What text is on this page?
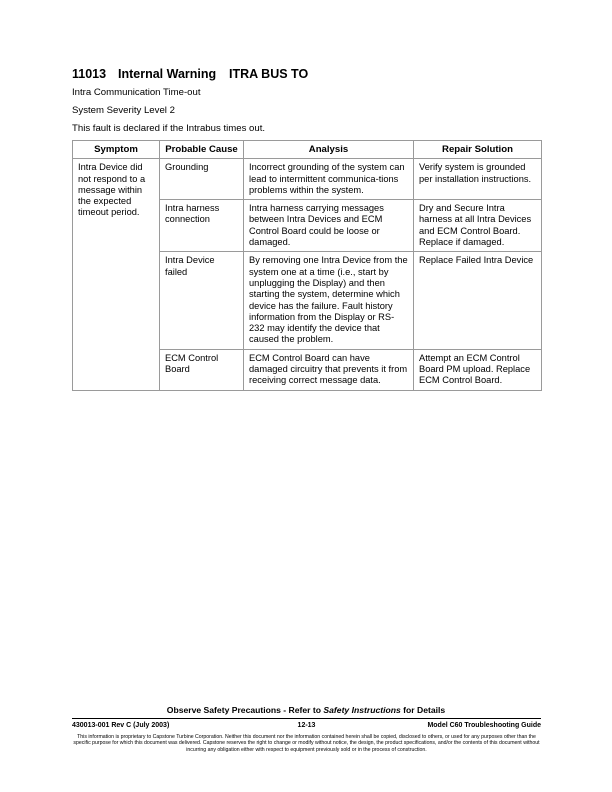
11013 Internal Warning ITRA BUS TO
Intra Communication Time-out
System Severity Level 2
This fault is declared if the Intrabus times out.
Symptom	Probable Cause	Analysis	Repair Solution
Intra Device did not respond to a message within the expected timeout period.	Grounding	Incorrect grounding of the system can lead to intermittent communica-tions problems within the system.	Verify system is grounded per installation instructions.
	Intra harness connection	Intra harness carrying messages between Intra Devices and ECM Control Board could be loose or damaged.	Dry and Secure Intra harness at all Intra Devices and ECM Control Board. Replace if damaged.
	Intra Device failed	By removing one Intra Device from the system one at a time (i.e., start by unplugging the Display) and then starting the system, determine which device has the failure. Fault history information from the Display or RS-232 may identify the device that caused the problem.	Replace Failed Intra Device
	ECM Control Board	ECM Control Board can have damaged circuitry that prevents it from receiving correct message data.	Attempt an ECM Control Board PM upload. Replace ECM Control Board.
Observe Safety Precautions - Refer to Safety Instructions for Details
430013-001 Rev C (July 2003)	12-13	Model C60 Troubleshooting Guide
This information is proprietary to Capstone Turbine Corporation. Neither this document nor the information contained herein shall be copied, disclosed to others, or used for any purposes other than the specific purpose for which this document was delivered. Capstone reserves the right to change or modify without notice, the design, the product specifications, and/or the contents of this document without incurring any obligation either with respect to equipment previously sold or in the process of construction.
